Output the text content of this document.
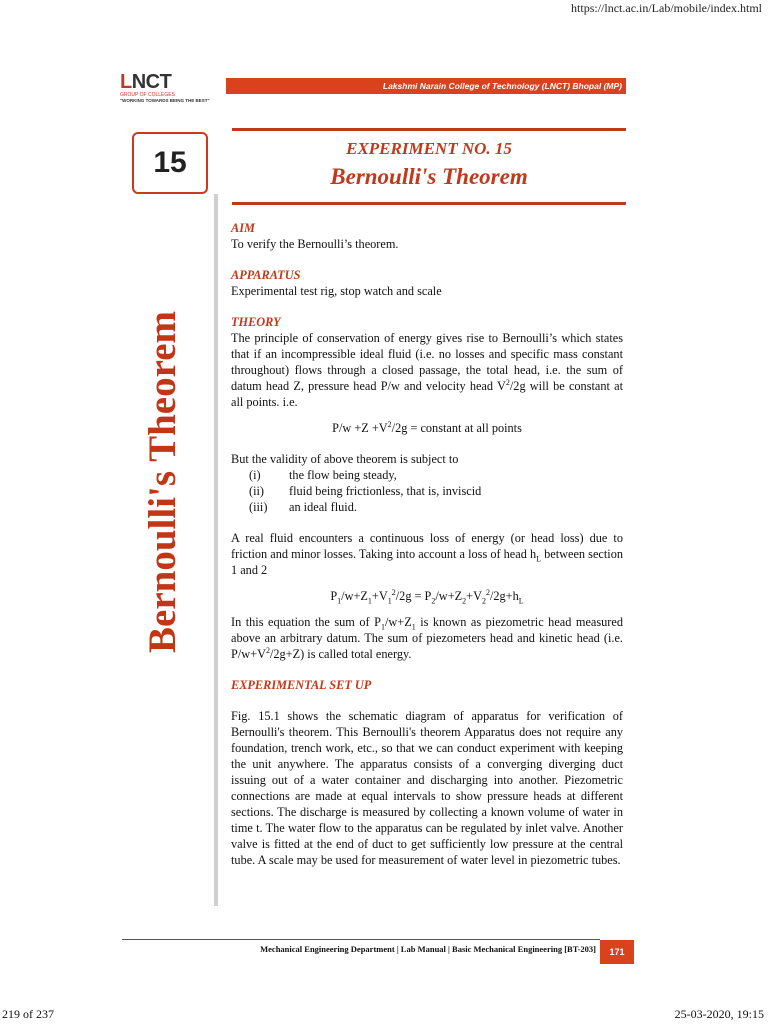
https://lnct.ac.in/Lab/mobile/index.html
LNCT
GROUP OF COLLEGES
"WORKING TOWARDS BEING THE BEST"
Lakshmi Narain College of Technology (LNCT) Bhopal (MP)
15
Bernoulli's Theorem
EXPERIMENT NO. 15
Bernoulli's Theorem
AIM

To verify the Bernoulli’s theorem.

APPARATUS

Experimental test rig, stop watch and scale

THEORY

The principle of conservation of energy gives rise to Bernoulli’s which states that if an incompressible ideal fluid (i.e. no losses and specific mass constant throughout) flows through a closed passage, the total head, i.e. the sum of datum head Z, pressure head P/w and velocity head $V^2/2g$ will be constant at all points. i.e.

$P/w +Z +V^2/2g$ = constant at all points

But the validity of above theorem is subject to

(i)	the flow being steady,
(ii)	fluid being frictionless, that is, inviscid
(iii)	an ideal fluid.

A real fluid encounters a continuous loss of energy (or head loss) due to friction and minor losses. Taking into account a loss of head $h_L$ between section 1 and 2

$P_1/w+Z_1+V_1^2/2g = P_2/w+Z_2+V_2^2/2g+h_L$

In this equation the sum of $P_1/w+Z_1$ is known as piezometric head measured above an arbitrary datum. The sum of piezometers head and kinetic head (i.e. $P/w+V^2/2g+Z$) is called total energy.

EXPERIMENTAL SET UP

Fig. 15.1 shows the schematic diagram of apparatus for verification of Bernoulli's theorem. This Bernoulli's theorem Apparatus does not require any foundation, trench work, etc., so that we can conduct experiment with keeping the unit anywhere. The apparatus consists of a converging diverging duct issuing out of a water container and discharging into another. Piezometric connections are made at equal intervals to show pressure heads at different sections. The discharge is measured by collecting a known volume of water in time t. The water flow to the apparatus can be regulated by inlet valve. Another valve is fitted at the end of duct to get sufficiently low pressure at the central tube. A scale may be used for measurement of water level in piezometric tubes.

Mechanical Engineering Department | Lab Manual | Basic Mechanical Engineering [BT-203]	171
219 of 237	25-03-2020, 19:15
